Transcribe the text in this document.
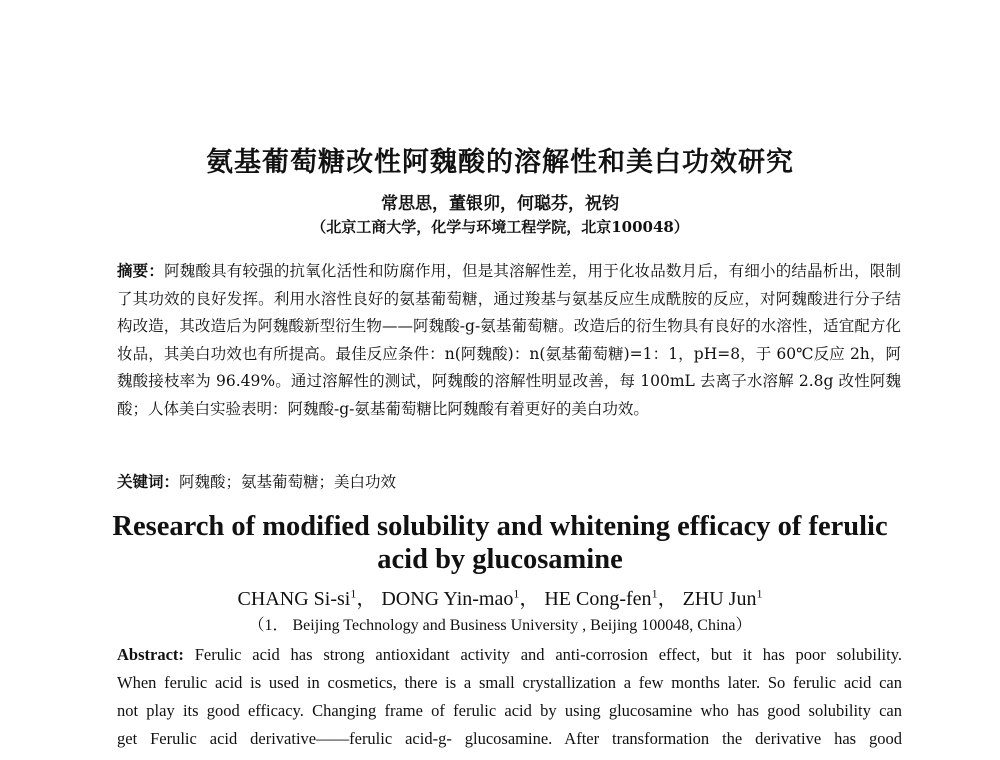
氨基葡萄糖改性阿魏酸的溶解性和美白功效研究
常思思，董银卯，何聪芬，祝钧
（北京工商大学，化学与环境工程学院，北京100048）
摘要：阿魏酸具有较强的抗氧化活性和防腐作用，但是其溶解性差，用于化妆品数月后，有细小的结晶析出，限制了其功效的良好发挥。利用水溶性良好的氨基葡萄糖，通过羧基与氨基反应生成酰胺的反应，对阿魏酸进行分子结构改造，其改造后为阿魏酸新型衍生物——阿魏酸-g-氨基葡萄糖。改造后的衍生物具有良好的水溶性，适宜配方化妆品，其美白功效也有所提高。最佳反应条件：n(阿魏酸)：n(氨基葡萄糖)=1：1，pH=8，于 60℃反应 2h，阿魏酸接枝率为 96.49%。通过溶解性的测试，阿魏酸的溶解性明显改善，每 100mL 去离子水溶解 2.8g 改性阿魏酸；人体美白实验表明：阿魏酸-g-氨基葡萄糖比阿魏酸有着更好的美白功效。
关键词：阿魏酸；氨基葡萄糖；美白功效
Research of modified solubility and whitening efficacy of ferulic acid by glucosamine
CHANG $Si-si^1$， DONG Yin-mao$^1$， HE Cong-fen$^1$， ZHU Jun$^1$
（1． Beijing Technology and Business University , Beijing 100048, China）
Abstract: Ferulic acid has strong antioxidant activity and anti-corrosion effect, but it has poor solubility.
When ferulic acid is used in cosmetics, there is a small crystallization a few months later. So ferulic acid can
not play its good efficacy. Changing frame of ferulic acid by using glucosamine who has good solubility can
get Ferulic acid derivative——ferulic acid-g- glucosamine. After transformation the derivative has good
